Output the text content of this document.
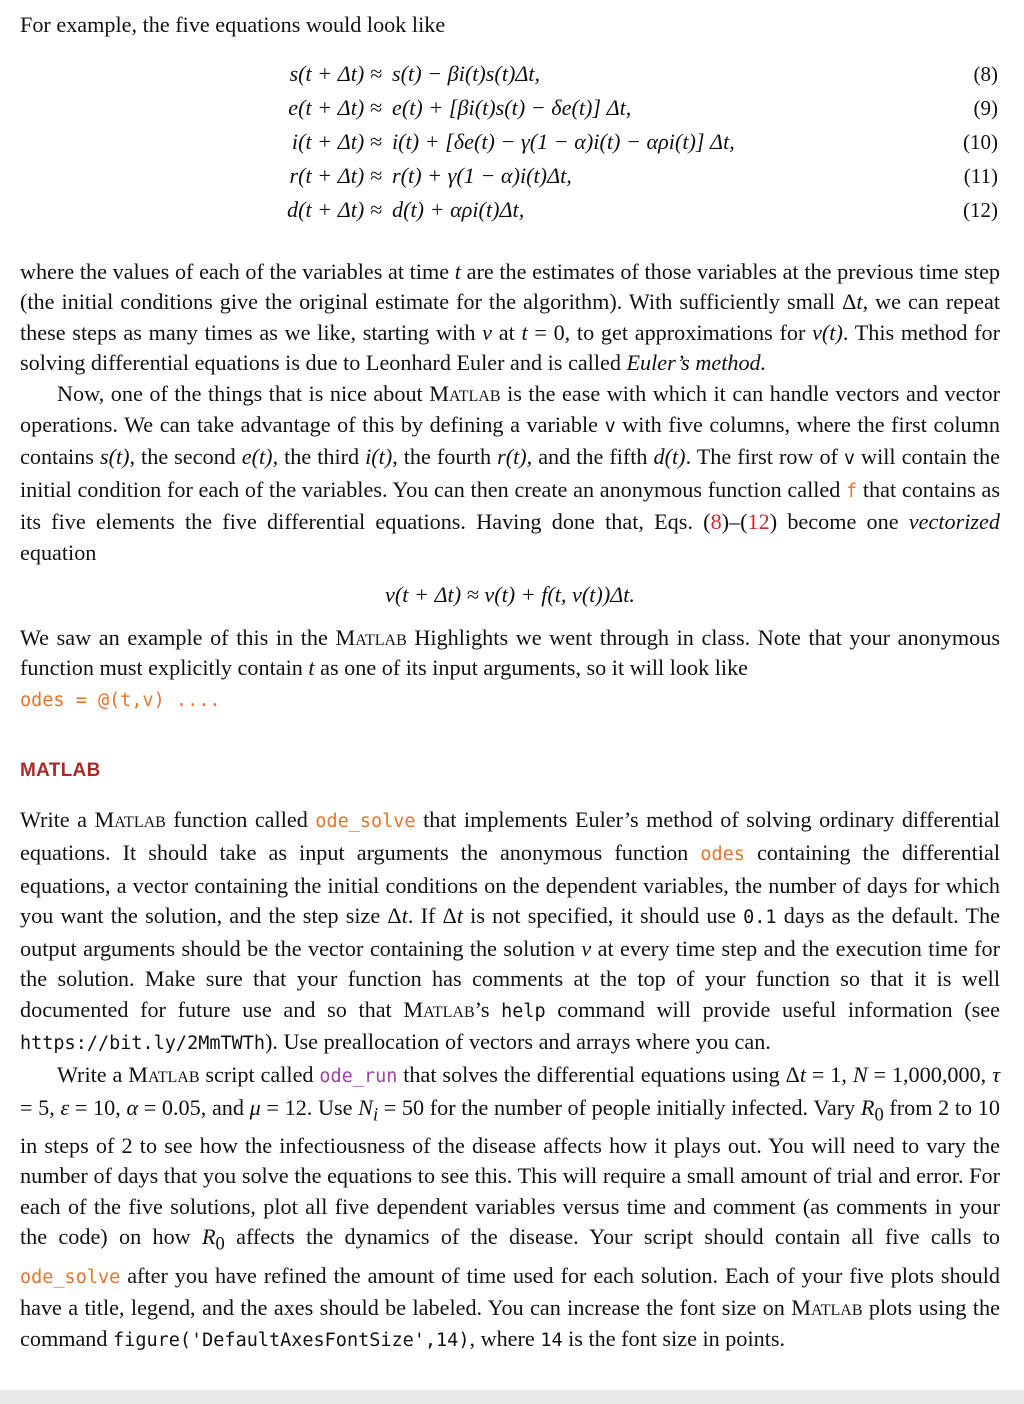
For example, the five equations would look like

s(t + Δt) ≈ s(t) − βi(t)s(t)Δt,	(8)
e(t + Δt) ≈ e(t) + [βi(t)s(t) − δe(t)] Δt,	(9)
i(t + Δt) ≈ i(t) + [δe(t) − γ(1 − α)i(t) − αρi(t)] Δt,	(10)
r(t + Δt) ≈ r(t) + γ(1 − α)i(t)Δt,	(11)
d(t + Δt) ≈ d(t) + αρi(t)Δt,	(12)

where the values of each of the variables at time t are the estimates of those variables at the previous time step (the initial conditions give the original estimate for the algorithm). With sufficiently small Δt, we can repeat these steps as many times as we like, starting with v at t = 0, to get approximations for v(t). This method for solving differential equations is due to Leonhard Euler and is called Euler’s method.

Now, one of the things that is nice about Matlab is the ease with which it can handle vectors and vector operations. We can take advantage of this by defining a variable v with five columns, where the first column contains s(t), the second e(t), the third i(t), the fourth r(t), and the fifth d(t). The first row of v will contain the initial condition for each of the variables. You can then create an anonymous function called f that contains as its five elements the five differential equations. Having done that, Eqs. (8)–(12) become one vectorized equation

v(t + Δt) ≈ v(t) + f(t, v(t))Δt.

We saw an example of this in the Matlab Highlights we went through in class. Note that your anonymous function must explicitly contain t as one of its input arguments, so it will look like
odes = @(t,v) ....

MATLAB

Write a Matlab function called ode_solve that implements Euler’s method of solving ordinary differential equations. It should take as input arguments the anonymous function odes containing the differential equations, a vector containing the initial conditions on the dependent variables, the number of days for which you want the solution, and the step size Δt. If Δt is not specified, it should use 0.1 days as the default. The output arguments should be the vector containing the solution v at every time step and the execution time for the solution. Make sure that your function has comments at the top of your function so that it is well documented for future use and so that Matlab’s help command will provide useful information (see https://bit.ly/2MmTWTh). Use preallocation of vectors and arrays where you can.

Write a Matlab script called ode_run that solves the differential equations using Δt = 1, N = 1,000,000, τ = 5, ε = 10, α = 0.05, and μ = 12. Use $N_i = 50$ for the number of people initially infected. Vary $R_0$ from 2 to 10 in steps of 2 to see how the infectiousness of the disease affects how it plays out. You will need to vary the number of days that you solve the equations to see this. This will require a small amount of trial and error. For each of the five solutions, plot all five dependent variables versus time and comment (as comments in your the code) on how $R_0$ affects the dynamics of the disease. Your script should contain all five calls to ode_solve after you have refined the amount of time used for each solution. Each of your five plots should have a title, legend, and the axes should be labeled. You can increase the font size on Matlab plots using the command figure('DefaultAxesFontSize',14), where 14 is the font size in points.
